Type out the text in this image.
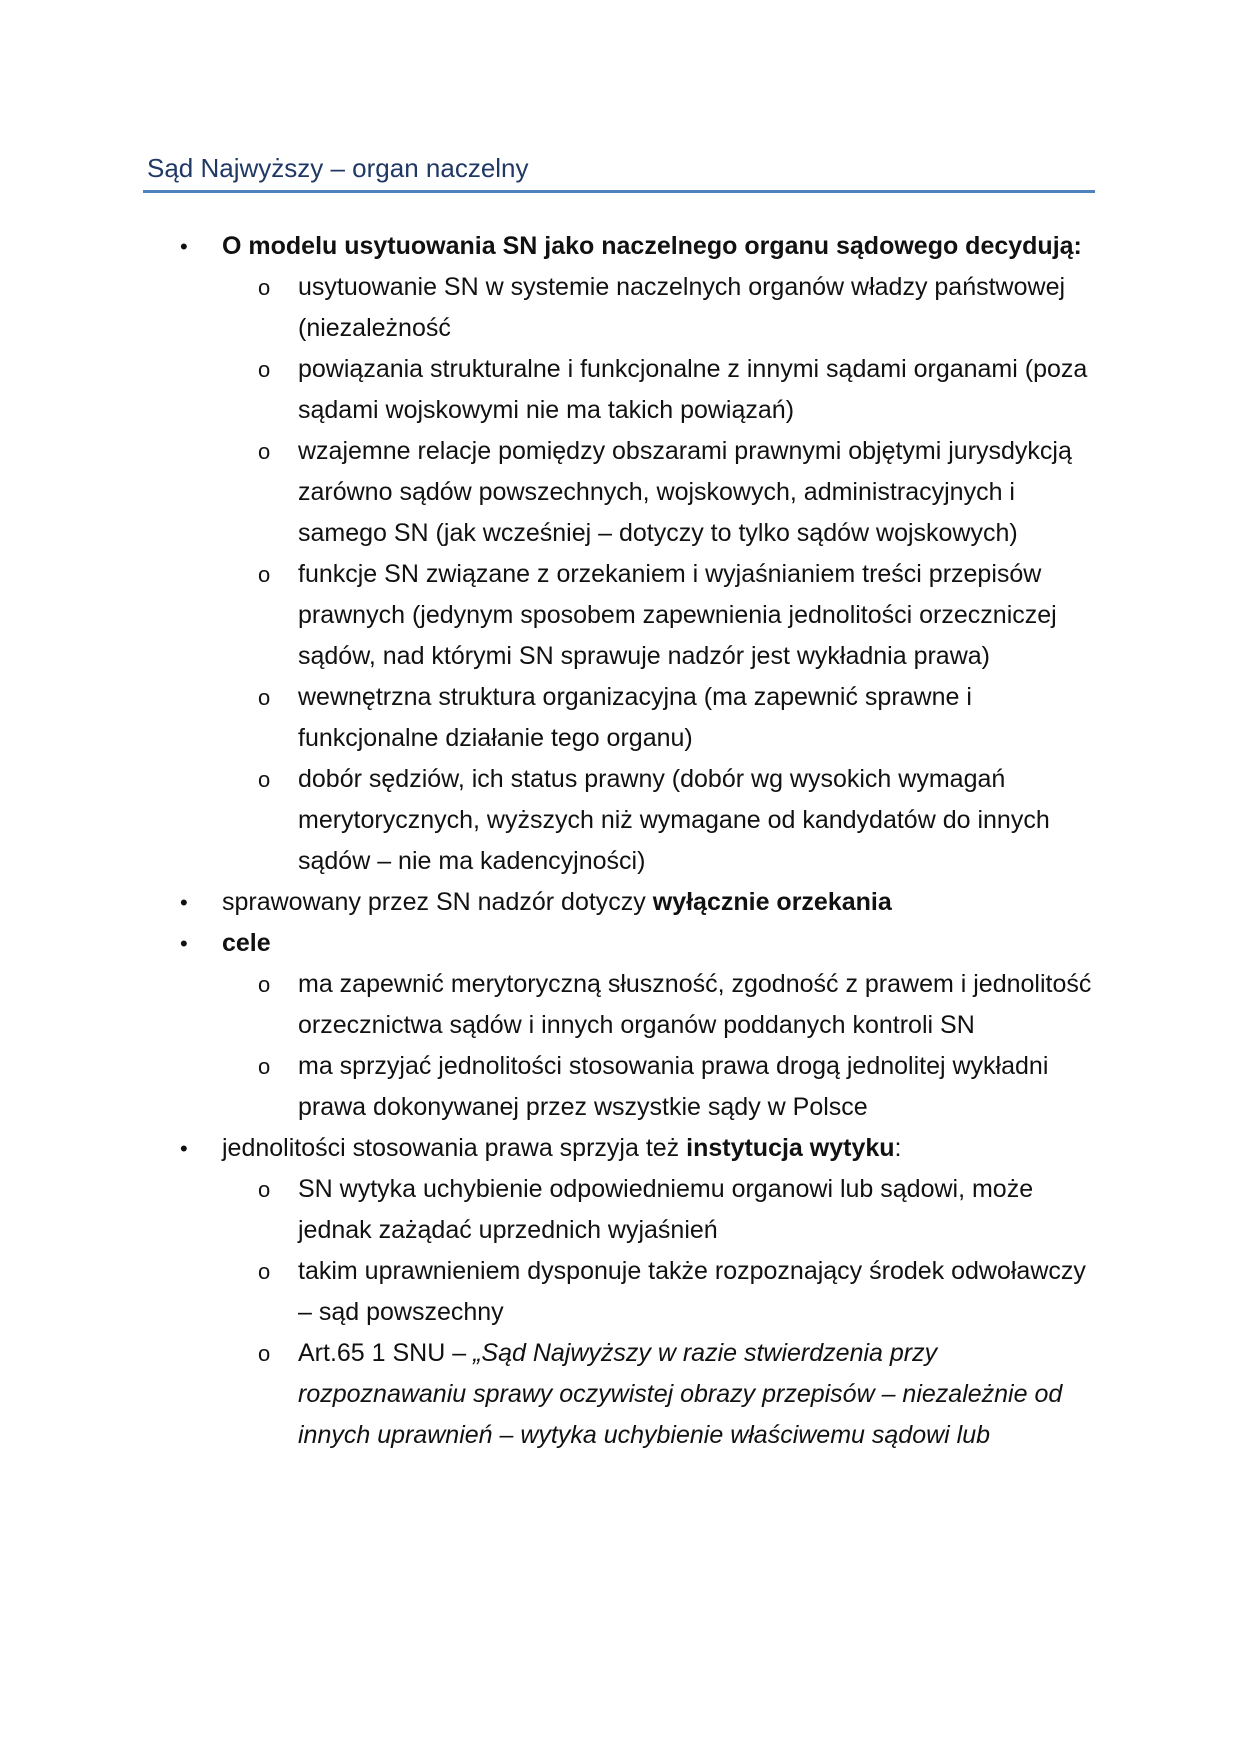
Sąd Najwyższy – organ naczelny
•	O modelu usytuowania SN jako naczelnego organu sądowego decydują:
o	usytuowanie SN w systemie naczelnych organów władzy państwowej (niezależność
o	powiązania strukturalne i funkcjonalne z innymi sądami organami (poza sądami wojskowymi nie ma takich powiązań)
o	wzajemne relacje pomiędzy obszarami prawnymi objętymi jurysdykcją zarówno sądów powszechnych, wojskowych, administracyjnych i samego SN (jak wcześniej – dotyczy to tylko sądów wojskowych)
o	funkcje SN związane z orzekaniem i wyjaśnianiem treści przepisów prawnych (jedynym sposobem zapewnienia jednolitości orzeczniczej sądów, nad którymi SN sprawuje nadzór jest wykładnia prawa)
o	wewnętrzna struktura organizacyjna (ma zapewnić sprawne i funkcjonalne działanie tego organu)
o	dobór sędziów, ich status prawny (dobór wg wysokich wymagań merytorycznych, wyższych niż wymagane od kandydatów do innych sądów – nie ma kadencyjności)
•	sprawowany przez SN nadzór dotyczy wyłącznie orzekania
•	cele
o	ma zapewnić merytoryczną słuszność, zgodność z prawem i jednolitość orzecznictwa sądów i innych organów poddanych kontroli SN
o	ma sprzyjać jednolitości stosowania prawa drogą jednolitej wykładni prawa dokonywanej przez wszystkie sądy w Polsce
•	jednolitości stosowania prawa sprzyja też instytucja wytyku:
o	SN wytyka uchybienie odpowiedniemu organowi lub sądowi, może jednak zażądać uprzednich wyjaśnień
o	takim uprawnieniem dysponuje także rozpoznający środek odwoławczy – sąd powszechny
o	Art.65 1 SNU – „Sąd Najwyższy w razie stwierdzenia przy rozpoznawaniu sprawy oczywistej obrazy przepisów – niezależnie od innych uprawnień – wytyka uchybienie właściwemu sądowi lub
